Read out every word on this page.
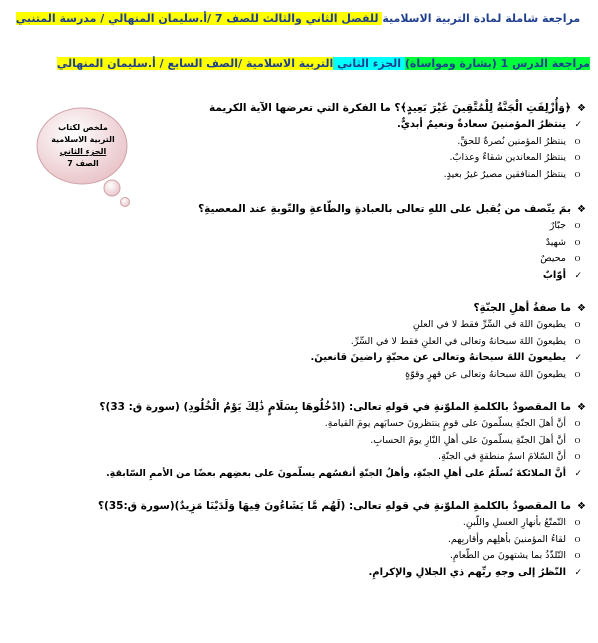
مراجعة شاملة لمادة التربية الاسلامية للفصل الثاني والثالث للصف 7 /أ.سليمان المنهالي / مدرسة المتنبي
مراجعة الدرس 1 (بشارة ومواساة) الجزء الثاني التربية الاسلامية /الصف السابع / أ.سليمان المنهالي
ملخص لكتاب
التربية الاسلامية
الجزء الثاني
الصف 7
❖﴿وَأُزْلِفَتِ الْجَنَّةُ لِلْمُتَّقِينَ غَيْرَ بَعِيدٍ﴾؟ ما الفكرة التي تعرضها الآية الكريمة
✓
ينتظرُ المؤمنينَ سعادةٌ ونعيمٌ أبديٌّ.
ｏ
ينتظرُ المؤمنين نُصرةٌ للحقِّ.
ｏ
ينتظرُ المعاندين شقاءٌ وعذابٌ.
ｏ
ينتظرُ المنافقين مصيرٌ غيرُ بعيدٍ.
❖بمَ يتّصف من يُقبل على اللهِ تعالى بالعبادةِ والطّاعةِ والتّوبةِ عند المعصيةِ؟
ｏ
جبّارٌ
ｏ
شهيدٌ
ｏ
محيصٌ
✓
أوّابٌ
❖ما صفةُ أهلِ الجنّةِ؟
ｏ
يطيعونَ اللهَ في السِّرِّ فقط لا في العلنِ
ｏ
يطيعونَ اللهَ سبحانهُ وتعالى في العلنِ فقط لا في السِّرِّ.
✓
يطيعونَ اللهَ سبحانهُ وتعالى عن محبّةٍ راضينَ قانعينَ.
ｏ
يطيعونَ اللهَ سبحانهُ وتعالى عن قهرٍ وقوّةٍ
❖ما المقصودُ بالكلمةِ الملوّنةِ في قولهِ تعالى: (ادْخُلُوهَا بِسَلَامٍ ذَٰلِكَ يَوْمُ الْخُلُودِ) (سورة ق: 33)؟
ｏ
أنَّ أهلَ الجنّةِ يسلّمونَ على قومٍ ينتظرونَ حسابَهم يومَ القيامةِ.
ｏ
أنَّ أهلَ الجنّةِ يسلّمونَ على أهلِ النّارِ يومَ الحسابِ.
ｏ
أنَّ السّلامَ اسمُ منطقةٍ في الجنّةِ.
✓
أنَّ الملائكةَ تُسلّمُ على أهلِ الجنّةِ، وأهلُ الجنّةِ أنفسُهم يسلّمونَ على بعضِهم بعضًا من الأممِ السّابقةِ.
❖ما المقصودُ بالكلمةِ الملوّنةِ في قولهِ تعالى: (لَهُم مَّا يَشَاءُونَ فِيهَا وَلَدَيْنَا مَزِيدٌ)(سورة ق:35)؟
ｏ
التّمتّعُ بأنهارِ العسلِ واللّبنِ.
ｏ
لقاءُ المؤمنينَ بأهلِهم وأقاربِهم.
ｏ
التّلذّذُ بما يشتهونَ من الطّعامِ.
✓
النّظرُ إلى وجهِ ربِّهم ذي الجلالِ والإكرامِ.
